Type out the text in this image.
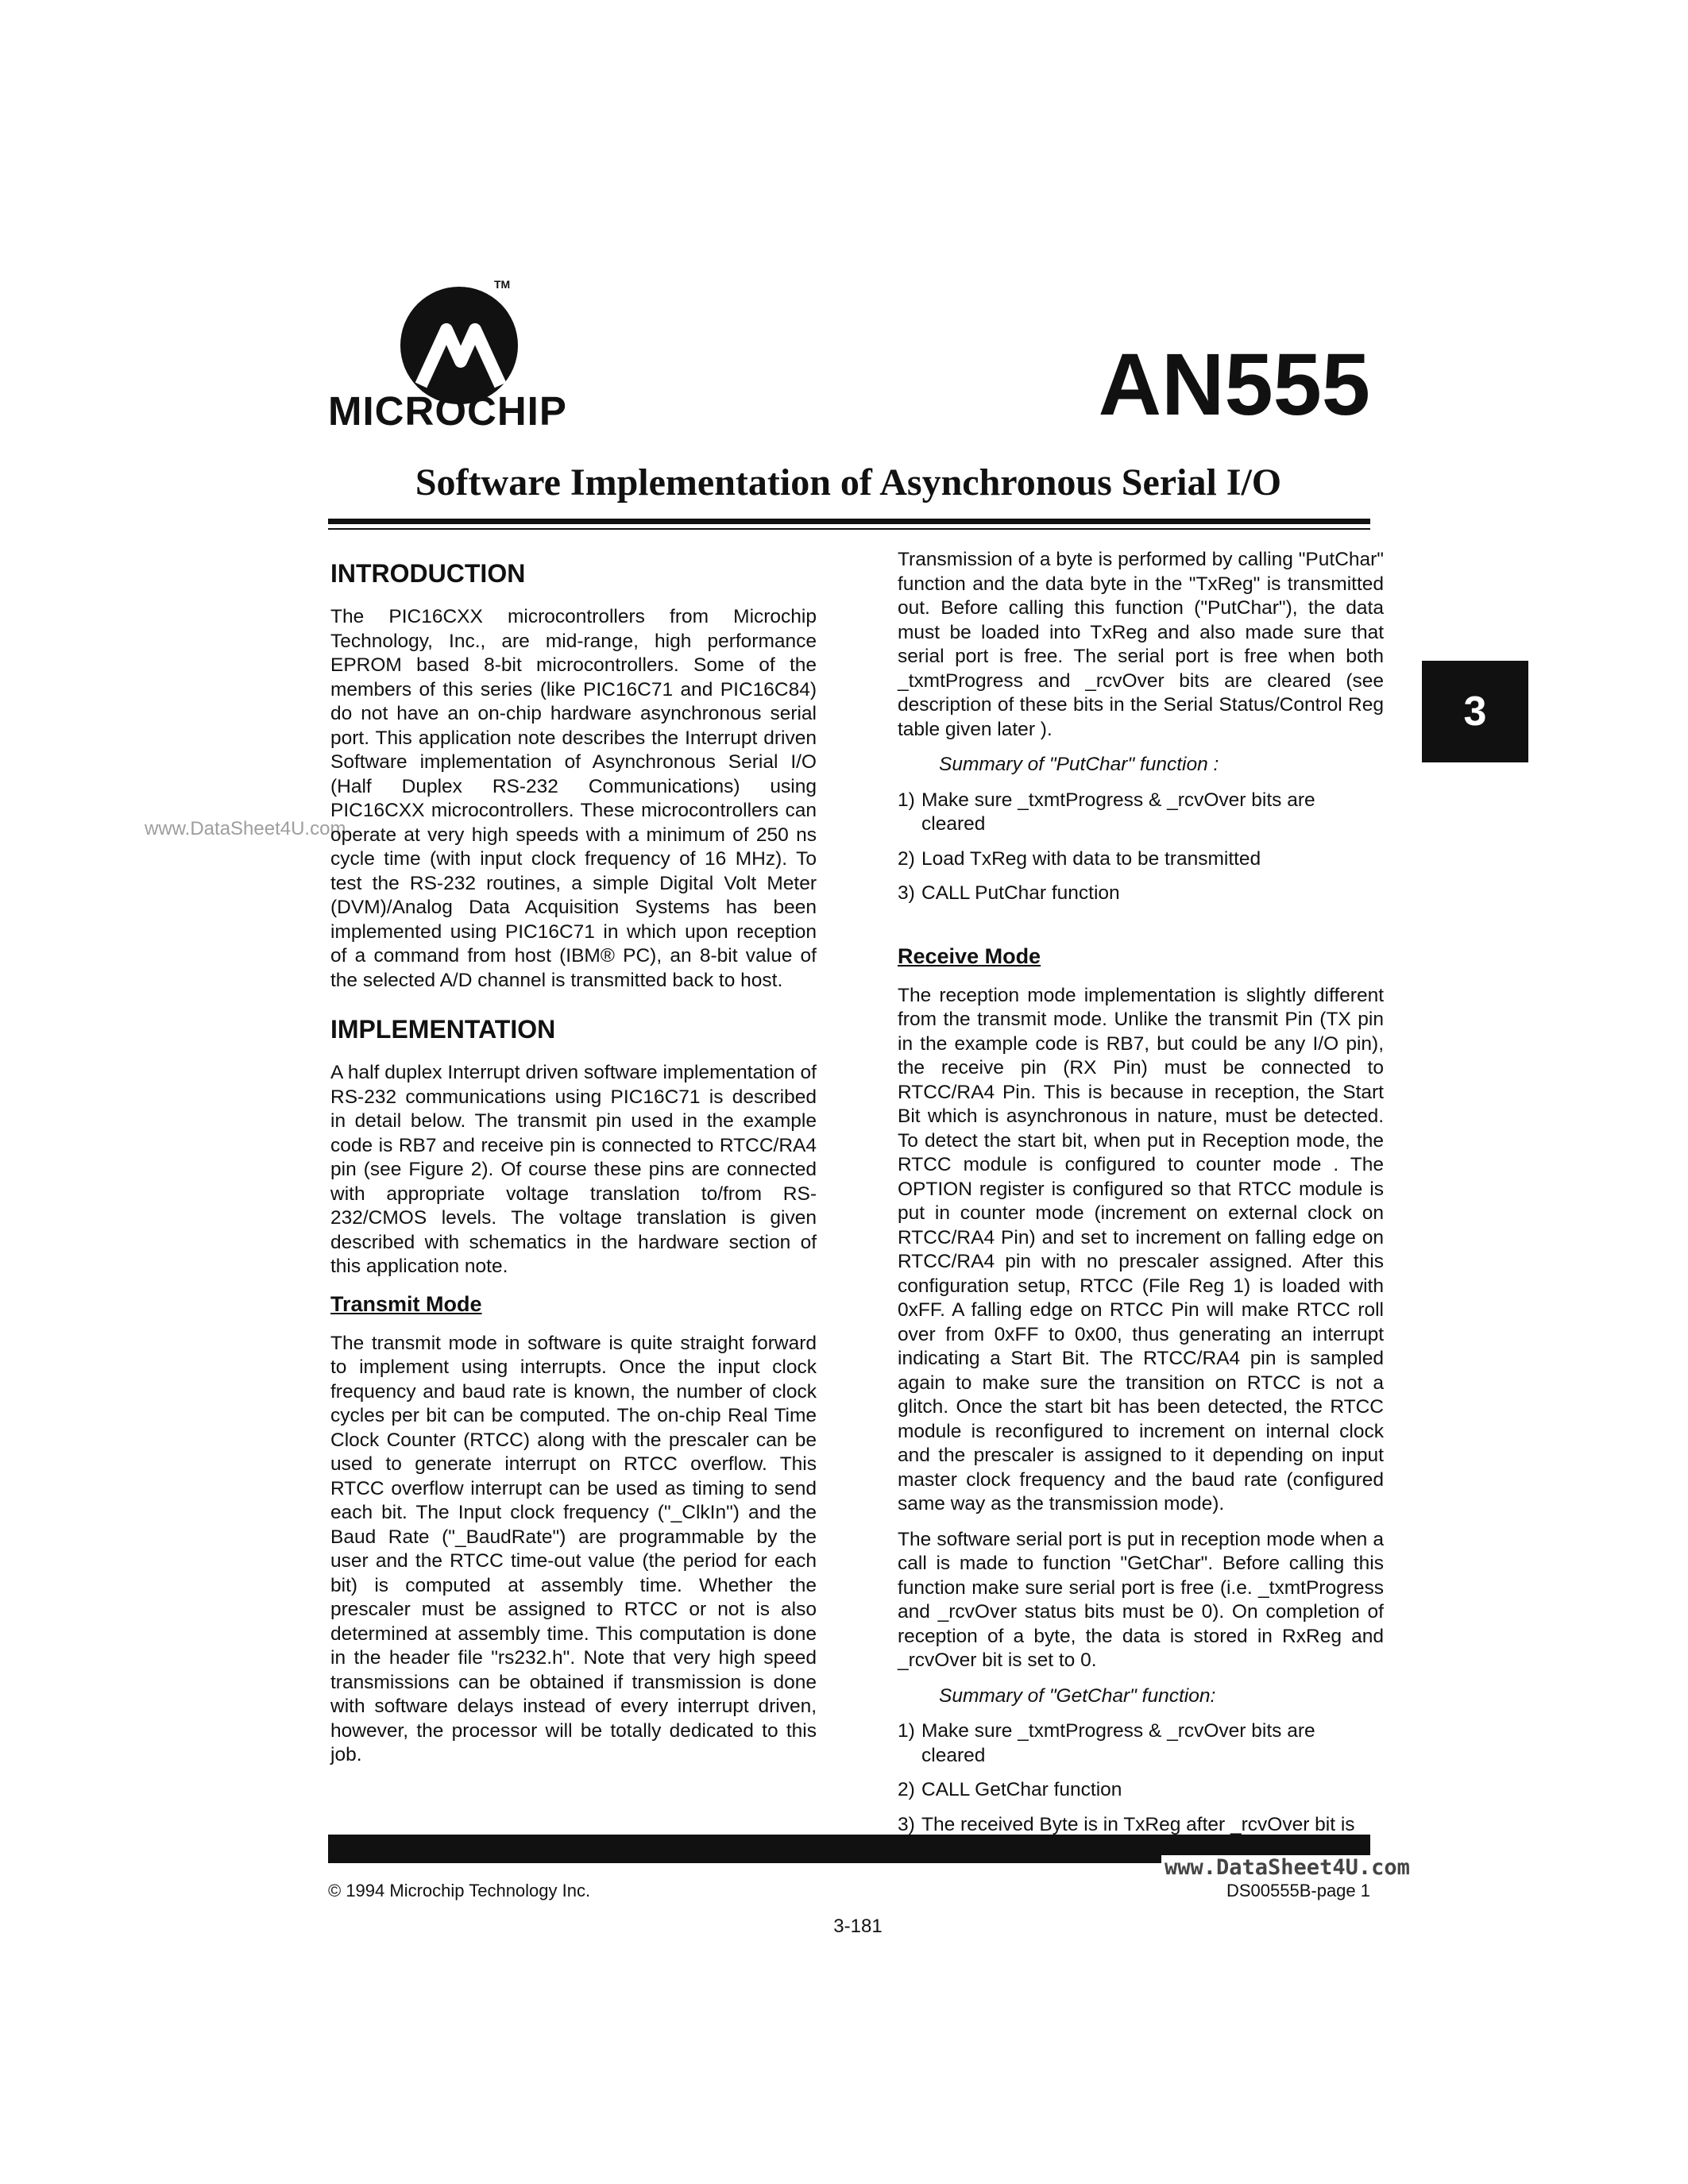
TM
MICROCHIP	AN555
Software Implementation of Asynchronous Serial I/O
3
www.DataSheet4U.com
INTRODUCTION

The PIC16CXX microcontrollers from Microchip Technology, Inc., are mid-range, high performance EPROM based 8-bit microcontrollers. Some of the members of this series (like PIC16C71 and PIC16C84) do not have an on-chip hardware asynchronous serial port. This application note describes the Interrupt driven Software implementation of Asynchronous Serial I/O (Half Duplex RS-232 Communications) using PIC16CXX microcontrollers. These microcontrollers can operate at very high speeds with a minimum of 250 ns cycle time (with input clock frequency of 16 MHz). To test the RS-232 routines, a simple Digital Volt Meter (DVM)/Analog Data Acquisition Systems has been implemented using PIC16C71 in which upon reception of a command from host (IBM® PC), an 8-bit value of the selected A/D channel is transmitted back to host.

IMPLEMENTATION

A half duplex Interrupt driven software implementation of RS-232 communications using PIC16C71 is described in detail below. The transmit pin used in the example code is RB7 and receive pin is connected to RTCC/RA4 pin (see Figure 2). Of course these pins are connected with appropriate voltage translation to/from RS-232/CMOS levels. The voltage translation is given described with schematics in the hardware section of this application note.

Transmit Mode

The transmit mode in software is quite straight forward to implement using interrupts. Once the input clock frequency and baud rate is known, the number of clock cycles per bit can be computed. The on-chip Real Time Clock Counter (RTCC) along with the prescaler can be used to generate interrupt on RTCC overflow. This RTCC overflow interrupt can be used as timing to send each bit. The Input clock frequency ("_ClkIn") and the Baud Rate ("_BaudRate") are programmable by the user and the RTCC time-out value (the period for each bit) is computed at assembly time. Whether the prescaler must be assigned to RTCC or not is also determined at assembly time. This computation is done in the header file "rs232.h". Note that very high speed transmissions can be obtained if transmission is done with software delays instead of every interrupt driven, however, the processor will be totally dedicated to this job.

Transmission of a byte is performed by calling "PutChar" function and the data byte in the "TxReg" is transmitted out. Before calling this function ("PutChar"), the data must be loaded into TxReg and also made sure that serial port is free. The serial port is free when both _txmtProgress and _rcvOver bits are cleared (see description of these bits in the Serial Status/Control Reg table given later ).

Summary of "PutChar" function :

1) Make sure _txmtProgress & _rcvOver bits are cleared
2) Load TxReg with data to be transmitted
3) CALL PutChar function
Receive Mode

The reception mode implementation is slightly different from the transmit mode. Unlike the transmit Pin (TX pin in the example code is RB7, but could be any I/O pin), the receive pin (RX Pin) must be connected to RTCC/RA4 Pin. This is because in reception, the Start Bit which is asynchronous in nature, must be detected. To detect the start bit, when put in Reception mode, the RTCC module is configured to counter mode . The OPTION register is configured so that RTCC module is put in counter mode (increment on external clock on RTCC/RA4 Pin) and set to increment on falling edge on RTCC/RA4 pin with no prescaler assigned. After this configuration setup, RTCC (File Reg 1) is loaded with 0xFF. A falling edge on RTCC Pin will make RTCC roll over from 0xFF to 0x00, thus generating an interrupt indicating a Start Bit. The RTCC/RA4 pin is sampled again to make sure the transition on RTCC is not a glitch. Once the start bit has been detected, the RTCC module is reconfigured to increment on internal clock and the prescaler is assigned to it depending on input master clock frequency and the baud rate (configured same way as the transmission mode).

The software serial port is put in reception mode when a call is made to function "GetChar". Before calling this function make sure serial port is free (i.e. _txmtProgress and _rcvOver status bits must be 0). On completion of reception of a byte, the data is stored in RxReg and _rcvOver bit is set to 0.

Summary of "GetChar" function:

1) Make sure _txmtProgress & _rcvOver bits are cleared
2) CALL GetChar function
3) The received Byte is in TxReg after _rcvOver bit is
www.DataSheet4U.com
© 1994 Microchip Technology Inc.	DS00555B-page 1
3-181
